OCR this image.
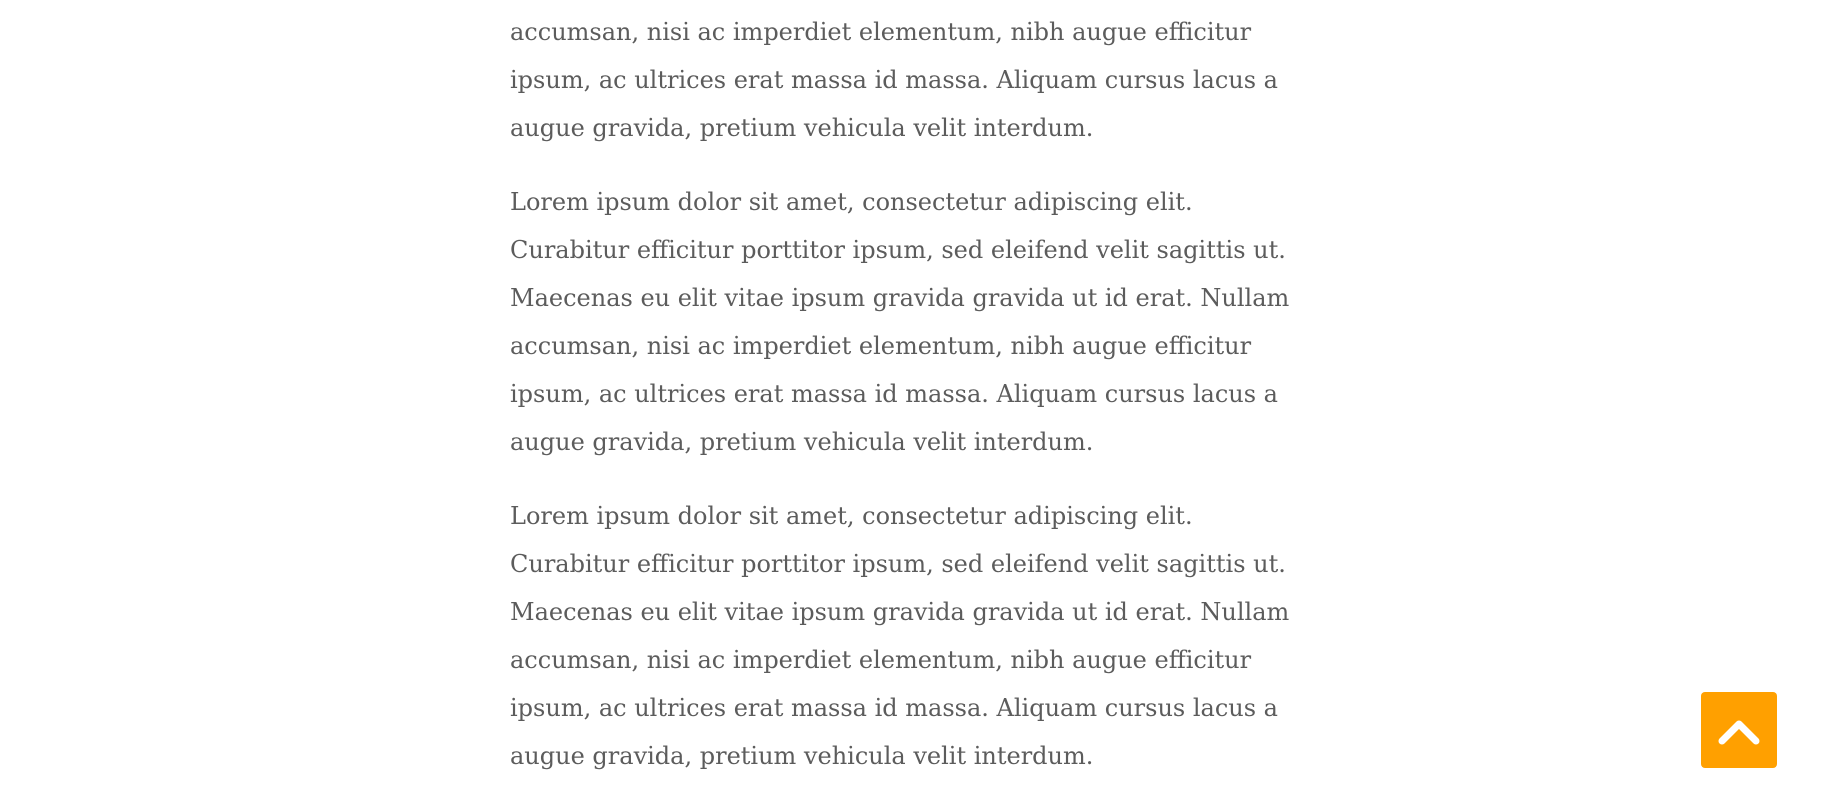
accumsan, nisi ac imperdiet elementum, nibh augue efficitur
ipsum, ac ultrices erat massa id massa. Aliquam cursus lacus a
augue gravida, pretium vehicula velit interdum.

Lorem ipsum dolor sit amet, consectetur adipiscing elit.
Curabitur efficitur porttitor ipsum, sed eleifend velit sagittis ut.
Maecenas eu elit vitae ipsum gravida gravida ut id erat. Nullam
accumsan, nisi ac imperdiet elementum, nibh augue efficitur
ipsum, ac ultrices erat massa id massa. Aliquam cursus lacus a
augue gravida, pretium vehicula velit interdum.

Lorem ipsum dolor sit amet, consectetur adipiscing elit.
Curabitur efficitur porttitor ipsum, sed eleifend velit sagittis ut.
Maecenas eu elit vitae ipsum gravida gravida ut id erat. Nullam
accumsan, nisi ac imperdiet elementum, nibh augue efficitur
ipsum, ac ultrices erat massa id massa. Aliquam cursus lacus a
augue gravida, pretium vehicula velit interdum.
